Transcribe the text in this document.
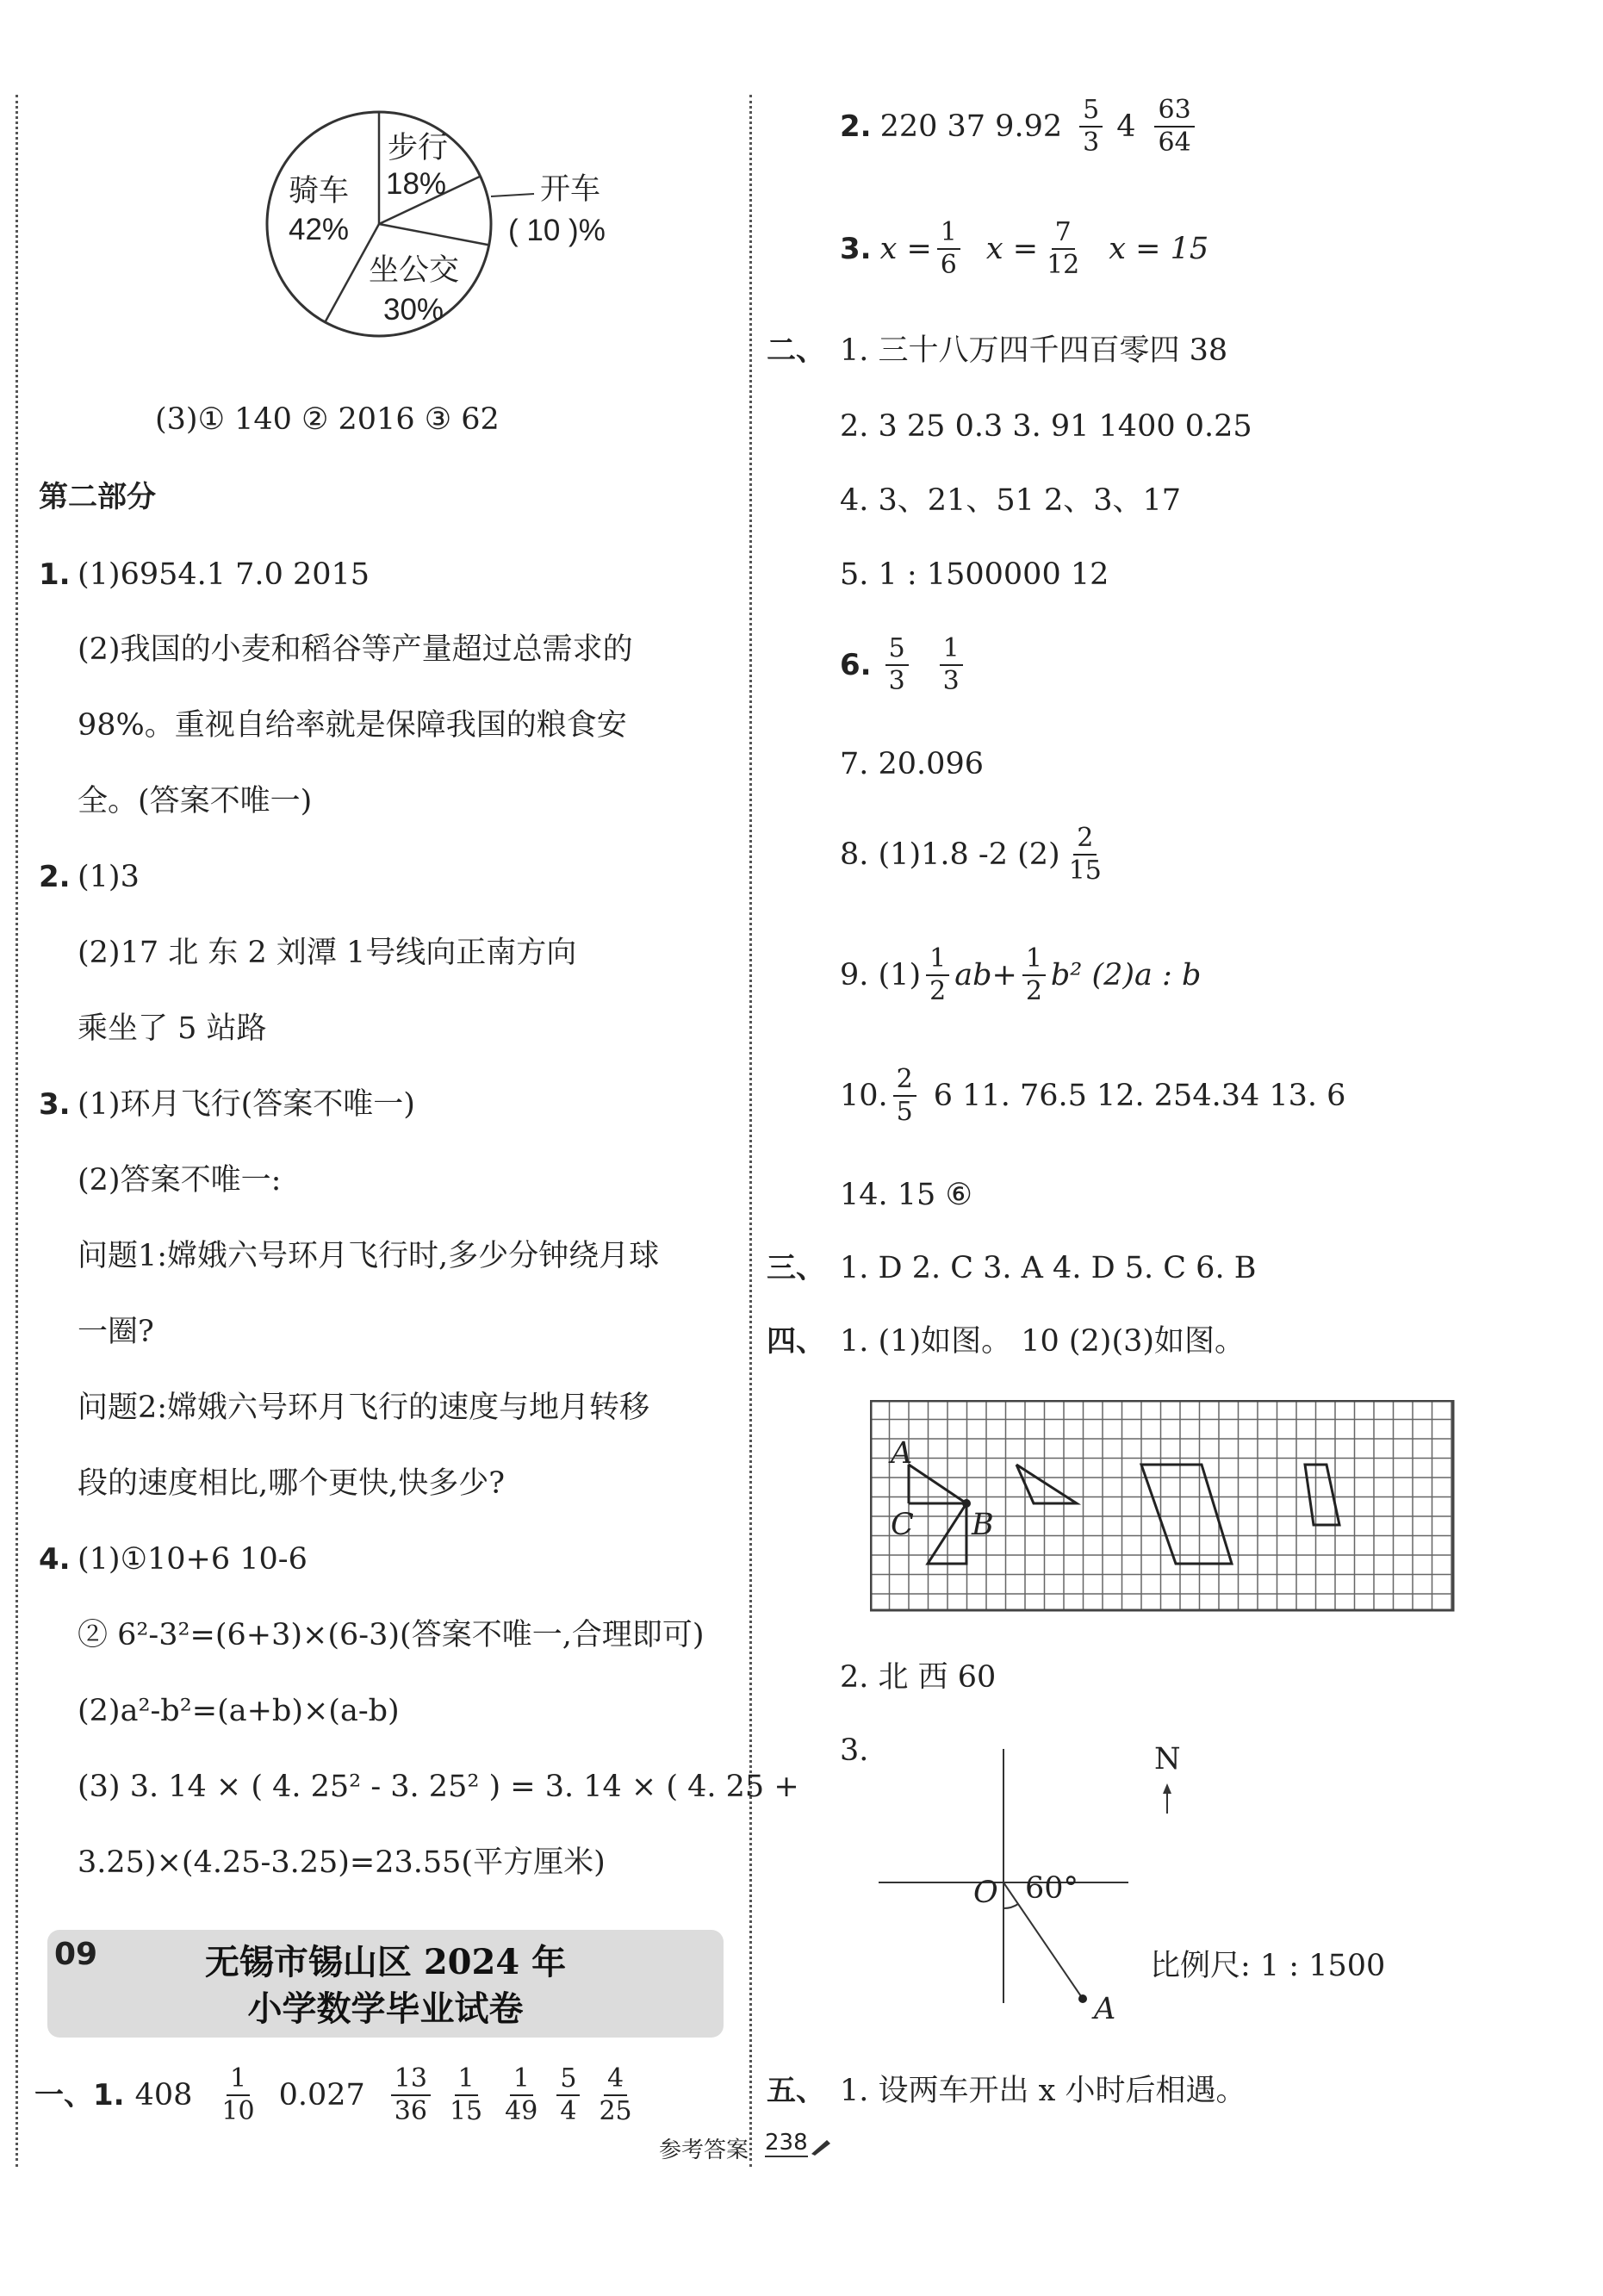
步行
18%
骑车
42%
开车
( 10 )%
坐公交
30%
(3)① 140 ② 2016 ③ 62
第二部分
1. (1)6954.1 7.0 2015
(2)我国的小麦和稻谷等产量超过总需求的
98%。重视自给率就是保障我国的粮食安
全。(答案不唯一)
2. (1)3
(2)17 北 东 2 刘潭 1号线向正南方向
乘坐了 5 站路
3. (1)环月飞行(答案不唯一)
(2)答案不唯一:
问题1:嫦娥六号环月飞行时,多少分钟绕月球
一圈?
问题2:嫦娥六号环月飞行的速度与地月转移
段的速度相比,哪个更快,快多少?
4. (1)①10+6 10-6
② 6²-3²=(6+3)×(6-3)(答案不唯一,合理即可)
(2)a²-b²=(a+b)×(a-b)
(3) 3. 14 × ( 4. 25² - 3. 25² ) = 3. 14 × ( 4. 25 +
3.25)×(4.25-3.25)=23.55(平方厘米)
09	无锡市锡山区 2024 年
小学数学毕业试卷
一、 1. $408 \frac{1}{10} 0.027 \frac{13}{36} \frac{1}{15} \frac{1}{49} \frac{5}{4} \frac{4}{25}$
2. 220 37 $9.92 \frac{5}{3} 4 \frac{63}{64}$
3. $x = \frac{1}{6}$ $x = \frac{7}{12}$ x = 15
二、 1. 三十八万四千四百零四 38
2. 3 25 0.3 3. 91 1400 0.25
4. 3、21、51 2、3、17
5. 1 : 1500000 12
6. $\frac{5}{3} \frac{1}{3}$
7. 20.096
8. (1)1.8 -2 $(2) \frac{2}{15}$
9. $(1) \frac{1}{2} ab+ \frac{1}{2} b^2$ (2)a : b
10. $\frac{2}{5} 6$ 11. 76.5 12. 254.34 13. 6
14. 15 ⑥
三、 1. D 2. C 3. A 4. D 5. C 6. B
四、 1. (1)如图。 10 (2)(3)如图。
A
C B
2. 北 西 60
3.	N
O 60°
A
比例尺: 1 : 1500
五、 1. 设两车开出 x 小时后相遇。
参考答案 238
